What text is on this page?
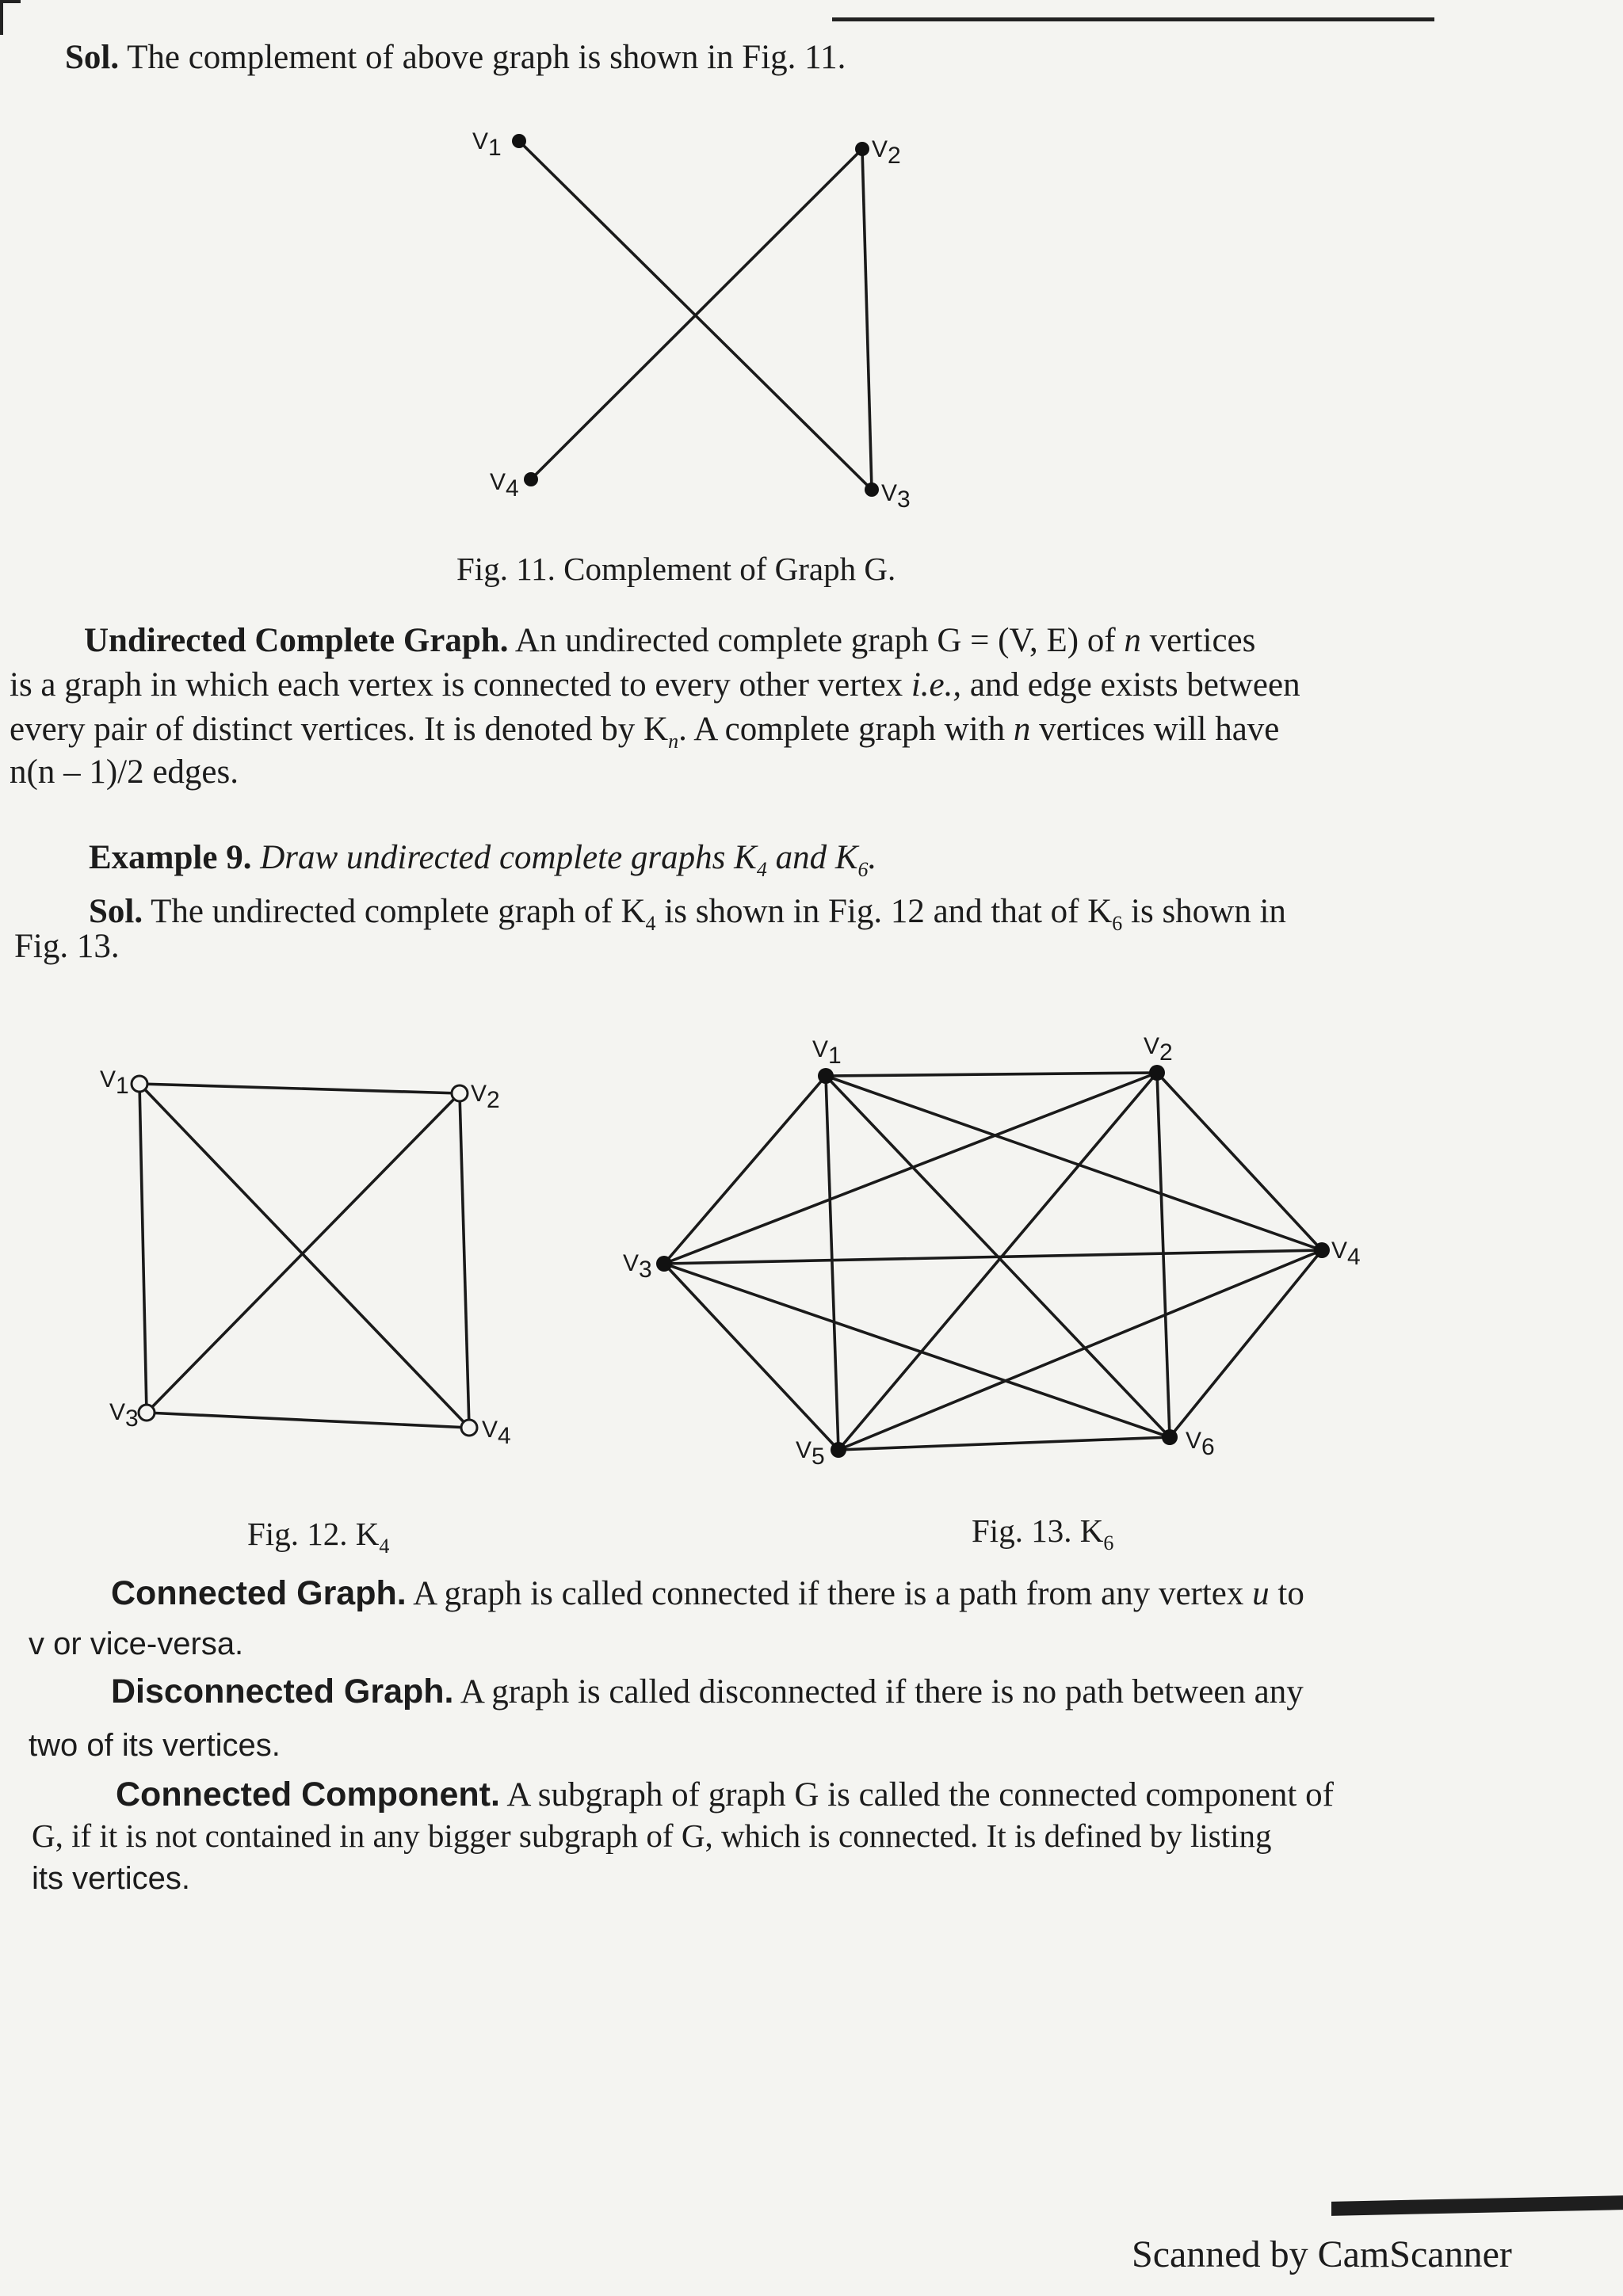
Sol. The complement of above graph is shown in Fig. 11.
V1	V2
V3
V4
Fig. 11. Complement of Graph G.
Undirected Complete Graph. An undirected complete graph G = (V, E) of n vertices
is a graph in which each vertex is connected to every other vertex i.e., and edge exists between
every pair of distinct vertices. It is denoted by $K_n$. A complete graph with n vertices will have
n(n – 1)/2 edges.
Example 9. Draw undirected complete graphs $K_4$ and $K_6$.
Sol. The undirected complete graph of $K_4$ is shown in Fig. 12 and that of $K_6$ is shown in
Fig. 13.
V1	V2
V3	V4
Fig. 12. $K_4$
V1	V2
V3
V4
V5
V6
Fig. 13. $K_6$
Connected Graph. A graph is called connected if there is a path from any vertex u to
v or vice-versa.
Disconnected Graph. A graph is called disconnected if there is no path between any
two of its vertices.
Connected Component. A subgraph of graph G is called the connected component of
G, if it is not contained in any bigger subgraph of G, which is connected. It is defined by listing
its vertices.
Scanned by CamScanner
